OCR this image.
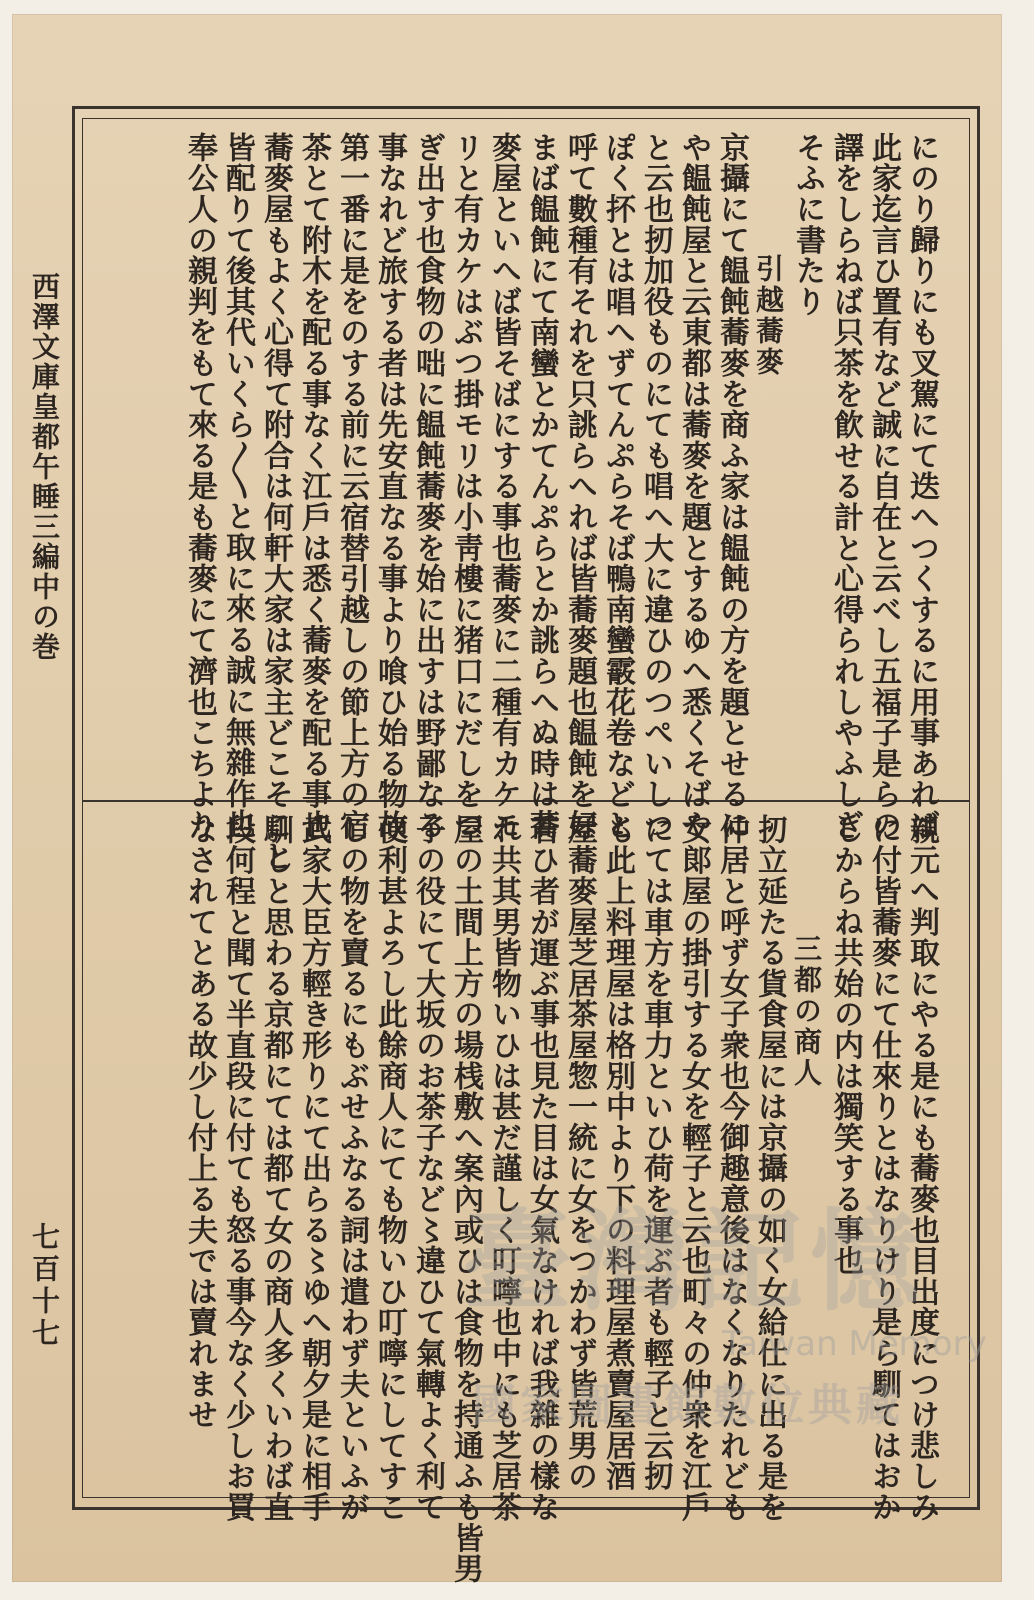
西澤文庫皇都午睡三編中の巻
七百十七
にのり歸りにも叉駕にて迭へつくするに用事あれば
此家迄言ひ置有など誠に自在と云べし五福子是らの
譯をしらねば只茶を飮せる計と心得られしやふしぎ
そふに書たり
引越蕎麥
京攝にて饂飩蕎麥を商ふ家は饂飩の方を題とせるに
や饂飩屋と云東都は蕎麥を題とするゆへ悉くそばや
と云也扨加役ものにても唱へ大に違ひのつぺいしつ
ぽく抔とは唱へずてんぷらそば鴨南蠻霰花卷などと
呼て數種有それを只誂らへれば皆蕎麥題也饂飩を好
まば饂飩にて南蠻とかてんぷらとか誂らへぬ時は蕎
麥屋といへば皆そばにする事也蕎麥に二種有カケモ
リと有カケはぶつ掛モリは小靑樓に猪口にだしをつ
ぎ出す也食物の咄に饂飩蕎麥を始に出すは野鄙なる
事なれど旅する者は先安直なる事より喰ひ始る物故
第一番に是をのする前に云宿替引越しの節上方の宿
茶とて附木を配る事なく江戶は悉く蕎麥を配る事也
蕎麥屋もよく心得て附合は何軒大家は家主どこそこと
皆配りて後其代いくら〳〵と取に來る誠に無雜作也
奉公人の親判をもて來る是も蕎麥にて濟也こちより
親元へ判取にやる是にも蕎麥也目出度につけ悲しみ
に付皆蕎麥にて仕來りとはなりけり是ら馴てはおか
しからね共始の内は獨笑する事也
三都の商人
扨立延たる貨食屋には京攝の如く女給仕に出る是を
仲居と呼ず女子衆也今御趣意後はなくなりたれども
女郞屋の掛引する女を輕子と云也町々の仲衆を江戶
にては車方を車力といひ荷を運ぶ者も輕子と云扨
も此上料理屋は格別中より下の料理屋煮賣屋居酒
屋蕎麥屋芝居茶屋惣一統に女をつかわず皆荒男の
若ひ者が運ぶ事也見た目は女氣なければ我雜の樣な
れ共其男皆物いひは甚だ謹しく叮嚀也中にも芝居茶
屋の土間上方の場桟敷へ案內或ひは食物を持通ふも皆男
子の役にて大坂のお茶子など〻違ひて氣轉よく利て
便利甚よろし此餘商人にても物いひ叮嚀にしてすこ
しの物を賣るにもぶせふなる詞は遣わず夫といふが
武家大臣方輕き形りにて出らる〻ゆへ朝夕是に相手
馴しと思わる京都にては都て女の商人多くいわば直
段何程と聞て半直段に付ても怒る事今なく少しお買
なされてとある故少し付上る夫では賣れませ 臺灣記憶
Taiwan Memory
國家圖書館數位典藏
